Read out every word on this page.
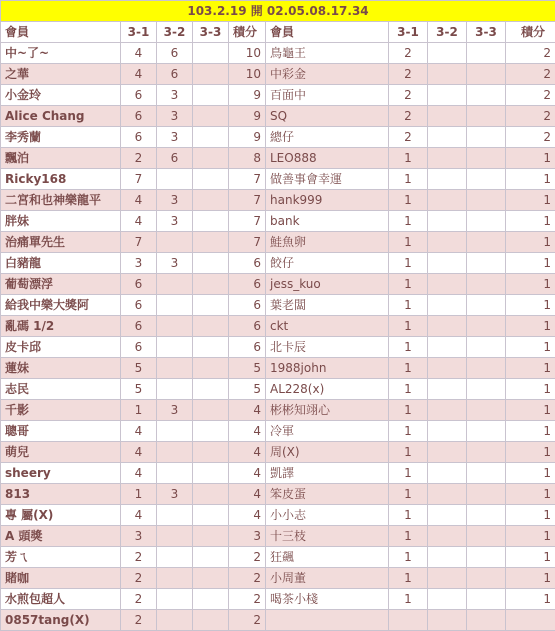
103.2.19 開 02.05.08.17.34									
會員	3-1	3-2	3-3	積分	會員	3-1	3-2	3-3	積分
中~了~	4	6		10	鳥龜王	2			2
之華	4	6		10	中彩金	2			2
小金玲	6	3		9	百面中	2			2
Alice Chang	6	3		9	SQ	2			2
李秀蘭	6	3		9	總仔	2			2
飄泊	2	6		8	LEO888	1			1
Ricky168	7			7	做善事會幸運	1			1
二宮和也神樂龍平	4	3		7	hank999	1			1
胖妹	4	3		7	bank	1			1
治痛單先生	7			7	鮭魚卵	1			1
白豬龍	3	3		6	餃仔	1			1
葡萄漂浮	6			6	jess_kuo	1			1
給我中樂大獎阿	6			6	葉老闆	1			1
亂碼 1/2	6			6	ckt	1			1
皮卡邱	6			6	北卡辰	1			1
蓮妹	5			5	1988john	1			1
志民	5			5	AL228(x)	1			1
千影	1	3		4	彬彬知翊心	1			1
聰哥	4			4	冷軍	1			1
萌兒	4			4	周(X)	1			1
sheery	4			4	凱譯	1			1
813	1	3		4	笨皮蛋	1			1
專 屬(X)	4			4	小小志	1			1
A 頭獎	3			3	十三枝	1			1
芳ㄟ	2			2	狂飆	1			1
賭咖	2			2	小周董	1			1
水煎包超人	2			2	喝茶小棧	1			1
0857tang(X)	2			2					
